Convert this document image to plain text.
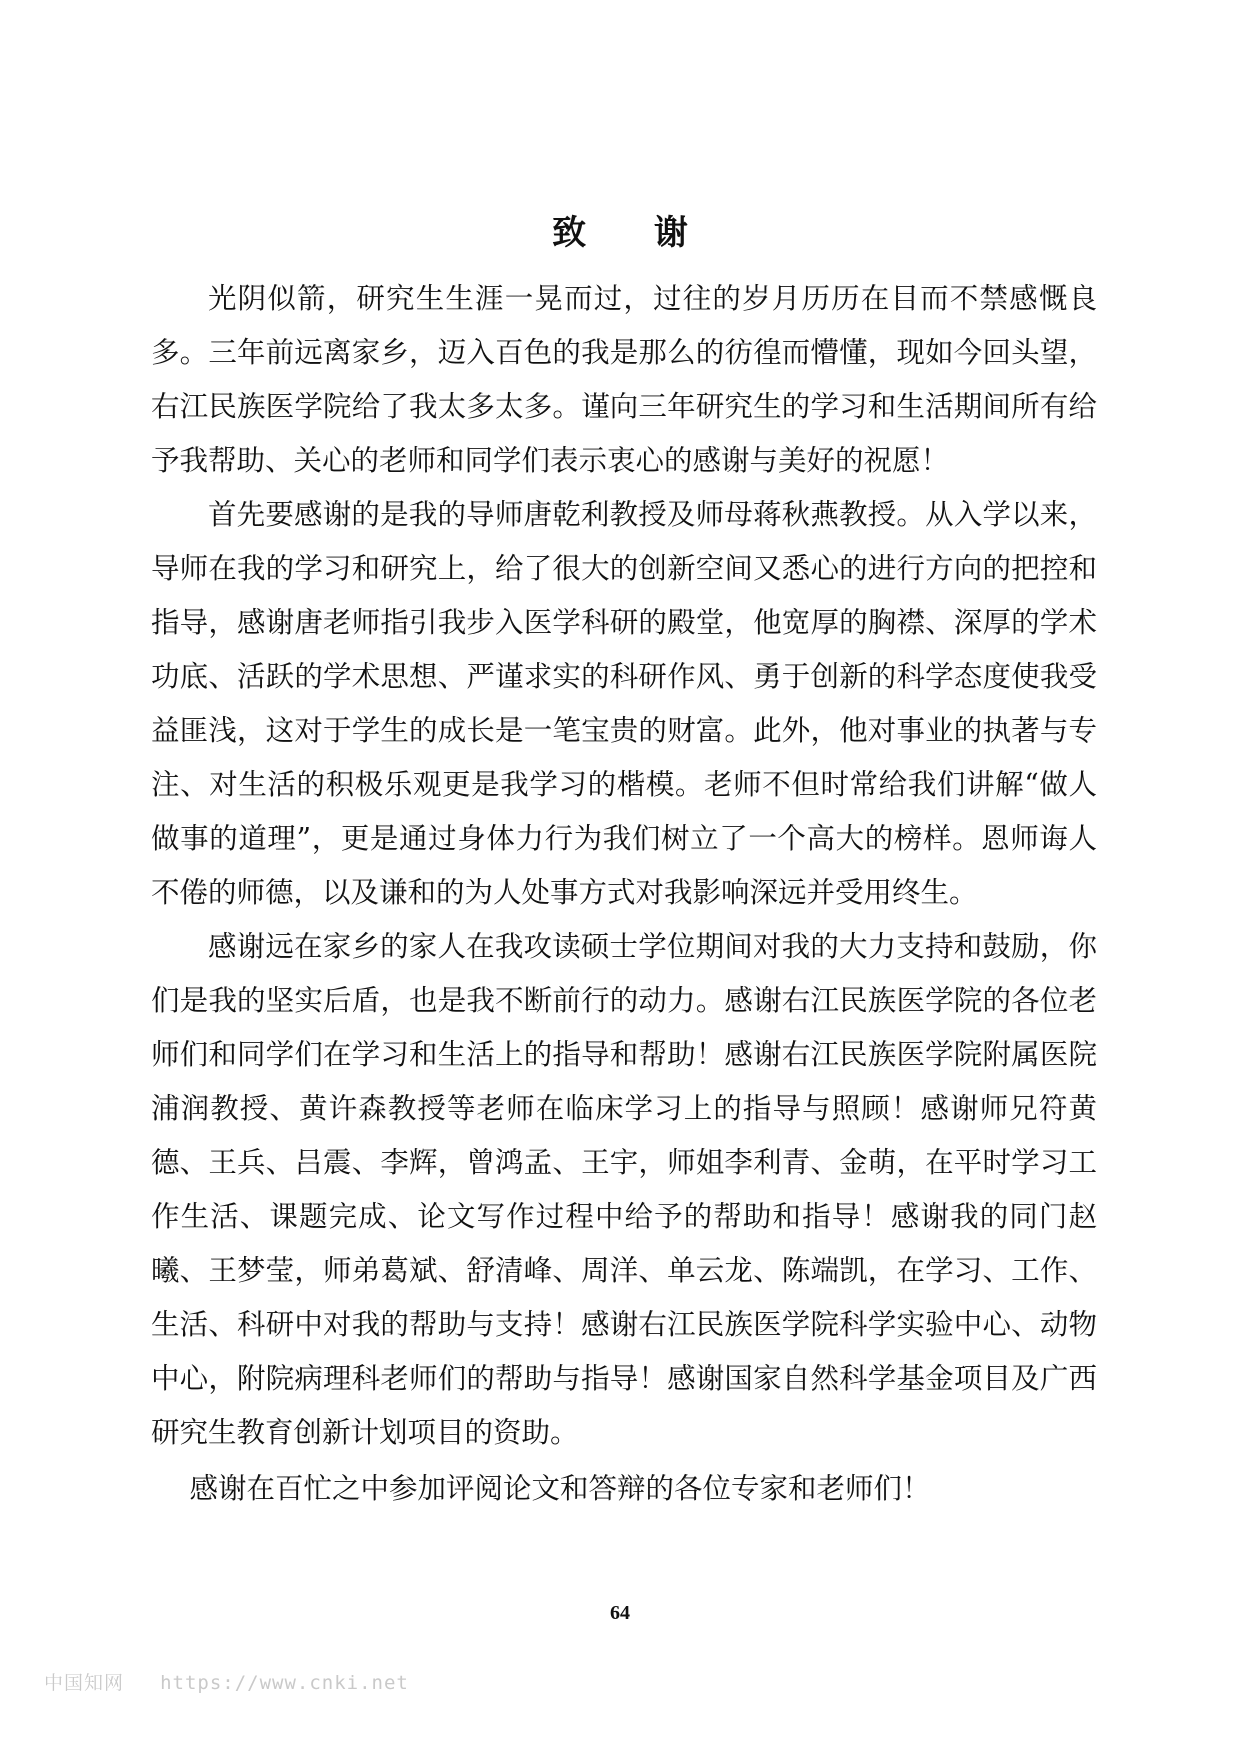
致 谢

光阴似箭，研究生生涯一晃而过，过往的岁月历历在目而不禁感慨良多。三年前远离家乡，迈入百色的我是那么的彷徨而懵懂，现如今回头望，右江民族医学院给了我太多太多。谨向三年研究生的学习和生活期间所有给予我帮助、关心的老师和同学们表示衷心的感谢与美好的祝愿！

首先要感谢的是我的导师唐乾利教授及师母蒋秋燕教授。从入学以来，导师在我的学习和研究上，给了很大的创新空间又悉心的进行方向的把控和指导，感谢唐老师指引我步入医学科研的殿堂，他宽厚的胸襟、深厚的学术功底、活跃的学术思想、严谨求实的科研作风、勇于创新的科学态度使我受益匪浅，这对于学生的成长是一笔宝贵的财富。此外，他对事业的执著与专注、对生活的积极乐观更是我学习的楷模。老师不但时常给我们讲解“做人做事的道理”，更是通过身体力行为我们树立了一个高大的榜样。恩师诲人不倦的师德，以及谦和的为人处事方式对我影响深远并受用终生。

感谢远在家乡的家人在我攻读硕士学位期间对我的大力支持和鼓励，你们是我的坚实后盾，也是我不断前行的动力。感谢右江民族医学院的各位老师们和同学们在学习和生活上的指导和帮助！感谢右江民族医学院附属医院浦润教授、黄许森教授等老师在临床学习上的指导与照顾！感谢师兄符黄德、王兵、吕震、李辉，曾鸿孟、王宇，师姐李利青、金萌，在平时学习工作生活、课题完成、论文写作过程中给予的帮助和指导！感谢我的同门赵曦、王梦莹，师弟葛斌、舒清峰、周洋、单云龙、陈端凯，在学习、工作、生活、科研中对我的帮助与支持！感谢右江民族医学院科学实验中心、动物中心，附院病理科老师们的帮助与指导！感谢国家自然科学基金项目及广西研究生教育创新计划项目的资助。

感谢在百忙之中参加评阅论文和答辩的各位专家和老师们！

64
中国知网 https://www.cnki.net
